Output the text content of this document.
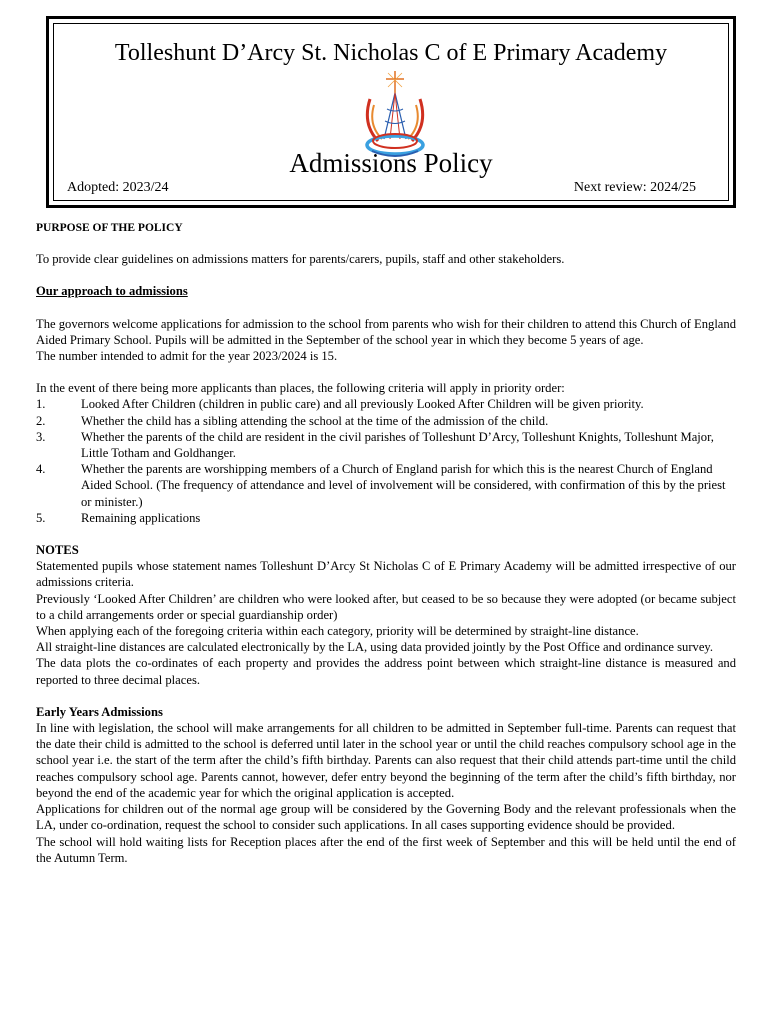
Tolleshunt D’Arcy St. Nicholas C of E Primary Academy
Admissions Policy
Adopted: 2023/24	Next review: 2024/25

PURPOSE OF THE POLICY

To provide clear guidelines on admissions matters for parents/carers, pupils, staff and other stakeholders.

Our approach to admissions

The governors welcome applications for admission to the school from parents who wish for their children to attend this Church of England Aided Primary School. Pupils will be admitted in the September of the school year in which they become 5 years of age.

The number intended to admit for the year 2023/2024 is 15.

In the event of there being more applicants than places, the following criteria will apply in priority order:

1.	Looked After Children (children in public care) and all previously Looked After Children will be given priority.
2.	Whether the child has a sibling attending the school at the time of the admission of the child.
3.	Whether the parents of the child are resident in the civil parishes of Tolleshunt D’Arcy, Tolleshunt Knights, Tolleshunt Major, Little Totham and Goldhanger.
4.	Whether the parents are worshipping members of a Church of England parish for which this is the nearest Church of England Aided School. (The frequency of attendance and level of involvement will be considered, with confirmation of this by the priest or minister.)
5.	Remaining applications

NOTES

Statemented pupils whose statement names Tolleshunt D’Arcy St Nicholas C of E Primary Academy will be admitted irrespective of our admissions criteria.

Previously ‘Looked After Children’ are children who were looked after, but ceased to be so because they were adopted (or became subject to a child arrangements order or special guardianship order)

When applying each of the foregoing criteria within each category, priority will be determined by straight-line distance.

All straight-line distances are calculated electronically by the LA, using data provided jointly by the Post Office and ordinance survey.

The data plots the co-ordinates of each property and provides the address point between which straight-line distance is measured and reported to three decimal places.

Early Years Admissions

In line with legislation, the school will make arrangements for all children to be admitted in September full-time. Parents can request that the date their child is admitted to the school is deferred until later in the school year or until the child reaches compulsory school age in the school year i.e. the start of the term after the child’s fifth birthday. Parents can also request that their child attends part-time until the child reaches compulsory school age. Parents cannot, however, defer entry beyond the beginning of the term after the child’s fifth birthday, nor beyond the end of the academic year for which the original application is accepted.

Applications for children out of the normal age group will be considered by the Governing Body and the relevant professionals when the LA, under co-ordination, request the school to consider such applications. In all cases supporting evidence should be provided.

The school will hold waiting lists for Reception places after the end of the first week of September and this will be held until the end of the Autumn Term.
